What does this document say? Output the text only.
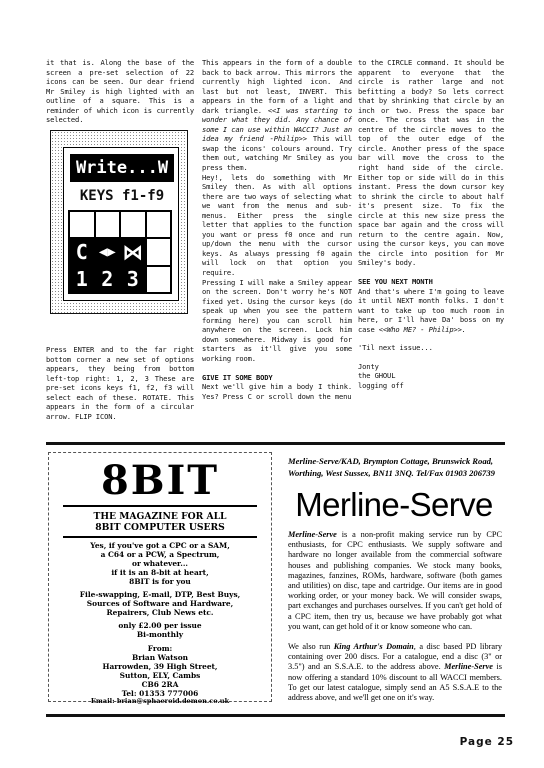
it that is. Along the base of the screen a pre-set selection of 22 icons can be seen. Our dear friend Mr Smiley is high lighted with an outline of a square. This is a reminder of which icon is currently selected.

Write...W
KEYS f1-f9
C ◀▶ ⋈
1 2 3

Press ENTER and to the far right bottom corner a new set of options appears, they being from bottom left-top right: 1, 2, 3 These are pre-set icons keys f1, f2, f3 will select each of these. ROTATE. This appears in the form of a circular arrow. FLIP ICON.

This appears in the form of a double back to back arrow. This mirrors the currently high lighted icon. And last but not least, INVERT. This appears in the form of a light and dark triangle. <<I was starting to wonder what they did. Any chance of some I can use within WACCI? Just an idea my friend -Philip>> This will swap the icons' colours around. Try them out, watching Mr Smiley as you press them.

Hey!, lets do something with Mr Smiley then. As with all options there are two ways of selecting what we want from the menus and sub-menus. Either press the single letter that applies to the function you want or press f0 once and run up/down the menu with the cursor keys. As always pressing f0 again will lock on that option you require.

Pressing I will make a Smiley appear on the screen. Don't worry he's NOT fixed yet. Using the cursor keys (do speak up when you see the pattern forming here) you can scroll him anywhere on the screen. Lock him down somewhere. Midway is good for starters as it'll give you some working room.

GIVE IT SOME BODY

Next we'll give him a body I think. Yes? Press C or scroll down the menu

to the CIRCLE command. It should be apparent to everyone that the circle is rather large and not befitting a body? So lets correct that by shrinking that circle by an inch or two. Press the space bar once. The cross that was in the centre of the circle moves to the top of the outer edge of the circle. Another press of the space bar will move the cross to the right hand side of the circle. Either top or side will do in this instant. Press the down cursor key to shrink the circle to about half it's present size. To fix the circle at this new size press the space bar again and the cross will return to the centre again. Now, using the cursor keys, you can move the circle into position for Mr Smiley's body.

SEE YOU NEXT MONTH

And that's where I'm going to leave it until NEXT month folks. I don't want to take up too much room in here, or I'll have Da' boss on my case <<Who ME? - Philip>>.

'Til next issue...

Jonty

the GHOUL

logging off

8BIT
THE MAGAZINE FOR ALL
8BIT COMPUTER USERS
Yes, if you've got a CPC or a SAM,
a C64 or a PCW, a Spectrum,
or whatever...
if it is an 8-bit at heart,
8BIT is for you
File-swapping, E-mail, DTP, Best Buys,
Sources of Software and Hardware,
Repairers, Club News etc.
only £2.00 per issue
Bi-monthly
From:
Brian Watson
Harrowden, 39 High Street,
Sutton, ELY, Cambs
CB6 2RA
Tel: 01353 777006
Email: brian@sphaeroid.demon.co.uk
Merline-Serve/KAD, Brympton Cottage, Brunswick Road,
Worthing, West Sussex, BN11 3NQ. Tel/Fax 01903 206739
Merline-Serve

Merline-Serve is a non-profit making service run by CPC enthusiasts, for CPC enthusiasts. We supply software and hardware no longer available from the commercial software houses and publishing companies. We stock many books, magazines, fanzines, ROMs, hardware, software (both games and utilities) on disc, tape and cartridge. Our items are in good working order, or your money back. We will consider swaps, part exchanges and purchases ourselves. If you can't get hold of a CPC item, then try us, because we have probably got what you want, can get hold of it or know someone who can.

We also run King Arthur's Domain, a disc based PD library containing over 200 discs. For a catalogue, end a disc (3" or 3.5") and an S.S.A.E. to the address above. Merline-Serve is now offering a standard 10% discount to all WACCI members. To get our latest catalogue, simply send an A5 S.S.A.E to the address above, and we'll get one on it's way.

Page 25
